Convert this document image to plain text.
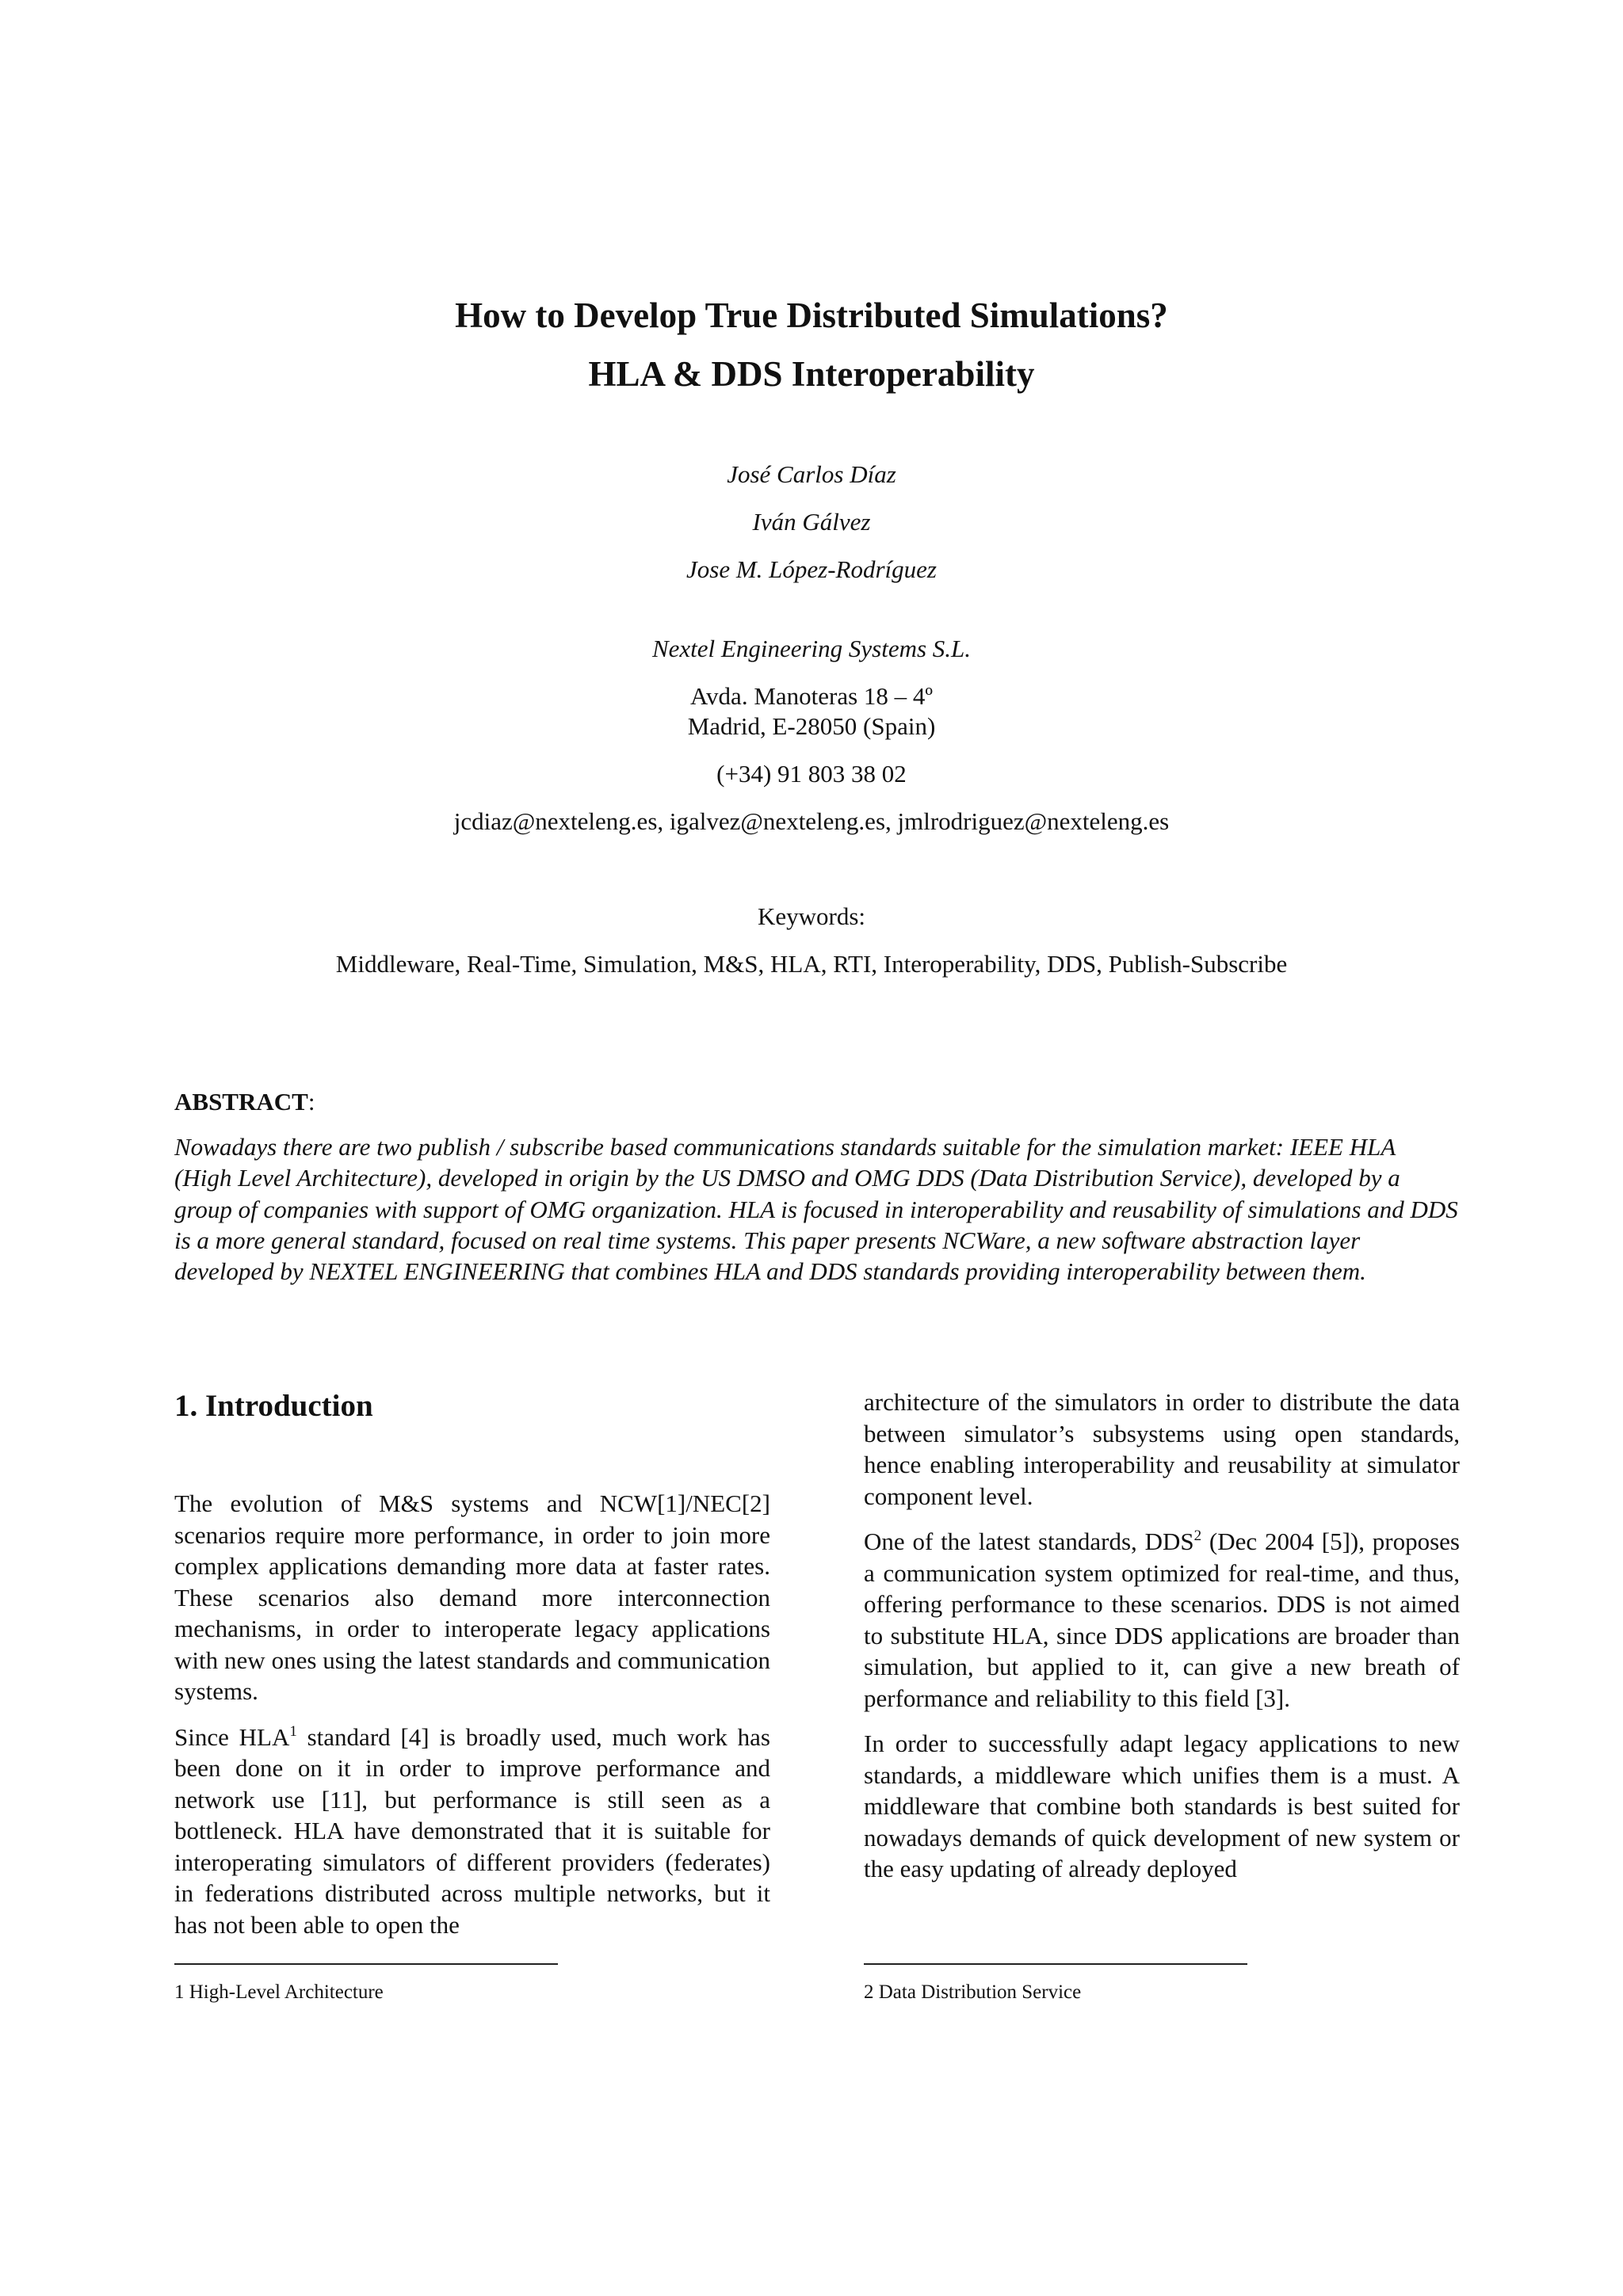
How to Develop True Distributed Simulations?
HLA & DDS Interoperability
José Carlos Díaz
Iván Gálvez
Jose M. López-Rodríguez
Nextel Engineering Systems S.L.
Avda. Manoteras 18 – 4º
Madrid, E-28050 (Spain)
(+34) 91 803 38 02
jcdiaz@nexteleng.es, igalvez@nexteleng.es, jmlrodriguez@nexteleng.es
Keywords:
Middleware, Real-Time, Simulation, M&S, HLA, RTI, Interoperability, DDS, Publish-Subscribe
ABSTRACT:

Nowadays there are two publish / subscribe based communications standards suitable for the simulation market: IEEE HLA (High Level Architecture), developed in origin by the US DMSO and OMG DDS (Data Distribution Service), developed by a group of companies with support of OMG organization. HLA is focused in interoperability and reusability of simulations and DDS is a more general standard, focused on real time systems. This paper presents NCWare, a new software abstraction layer developed by NEXTEL ENGINEERING that combines HLA and DDS standards providing interoperability between them.

1. Introduction

The evolution of M&S systems and NCW[1]/NEC[2] scenarios require more performance, in order to join more complex applications demanding more data at faster rates. These scenarios also demand more interconnection mechanisms, in order to interoperate legacy applications with new ones using the latest standards and communication systems.

Since HLA$^1$ standard [4] is broadly used, much work has been done on it in order to improve performance and network use [11], but performance is still seen as a bottleneck. HLA have demonstrated that it is suitable for interoperating simulators of different providers (federates) in federations distributed across multiple networks, but it has not been able to open the

architecture of the simulators in order to distribute the data between simulator’s subsystems using open standards, hence enabling interoperability and reusability at simulator component level.

One of the latest standards, DDS$^2$ (Dec 2004 [5]), proposes a communication system optimized for real-time, and thus, offering performance to these scenarios. DDS is not aimed to substitute HLA, since DDS applications are broader than simulation, but applied to it, can give a new breath of performance and reliability to this field [3].

In order to successfully adapt legacy applications to new standards, a middleware which unifies them is a must. A middleware that combine both standards is best suited for nowadays demands of quick development of new system or the easy updating of already deployed

1 High-Level Architecture	2 Data Distribution Service
